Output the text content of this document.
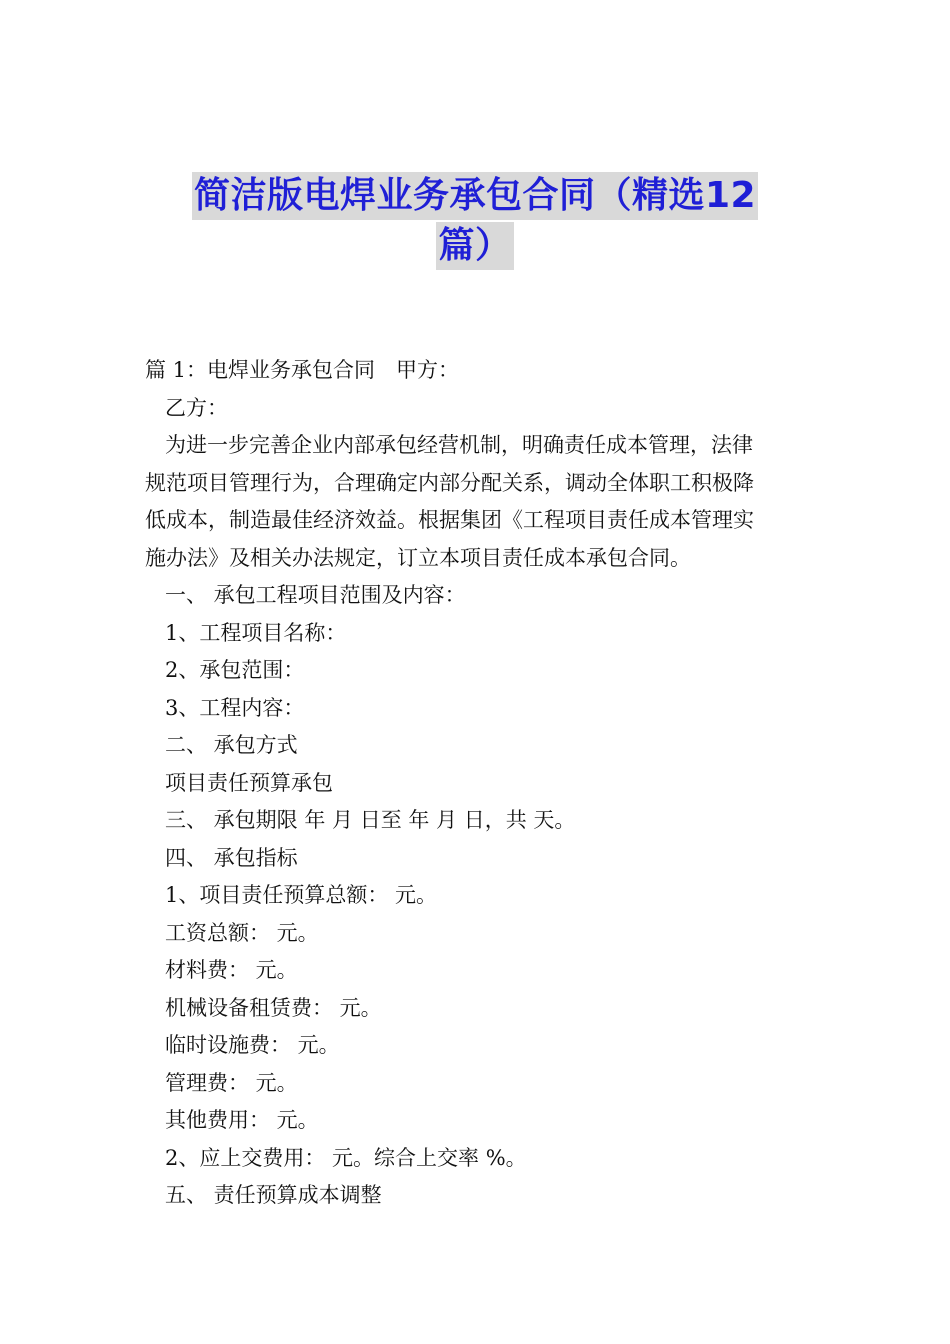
简洁版电焊业务承包合同（精选12
篇）
篇 1：电焊业务承包合同　甲方：
乙方：
为进一步完善企业内部承包经营机制，明确责任成本管理，法律
规范项目管理行为，合理确定内部分配关系，调动全体职工积极降
低成本，制造最佳经济效益。根据集团《工程项目责任成本管理实
施办法》及相关办法规定，订立本项目责任成本承包合同。
一、 承包工程项目范围及内容：
1、工程项目名称：
2、承包范围：
3、工程内容：
二、 承包方式
项目责任预算承包
三、 承包期限 年 月 日至 年 月 日，共 天。
四、 承包指标
1、项目责任预算总额： 元。
工资总额： 元。
材料费： 元。
机械设备租赁费： 元。
临时设施费： 元。
管理费： 元。
其他费用： 元。
2、应上交费用： 元。综合上交率 %。
五、 责任预算成本调整
